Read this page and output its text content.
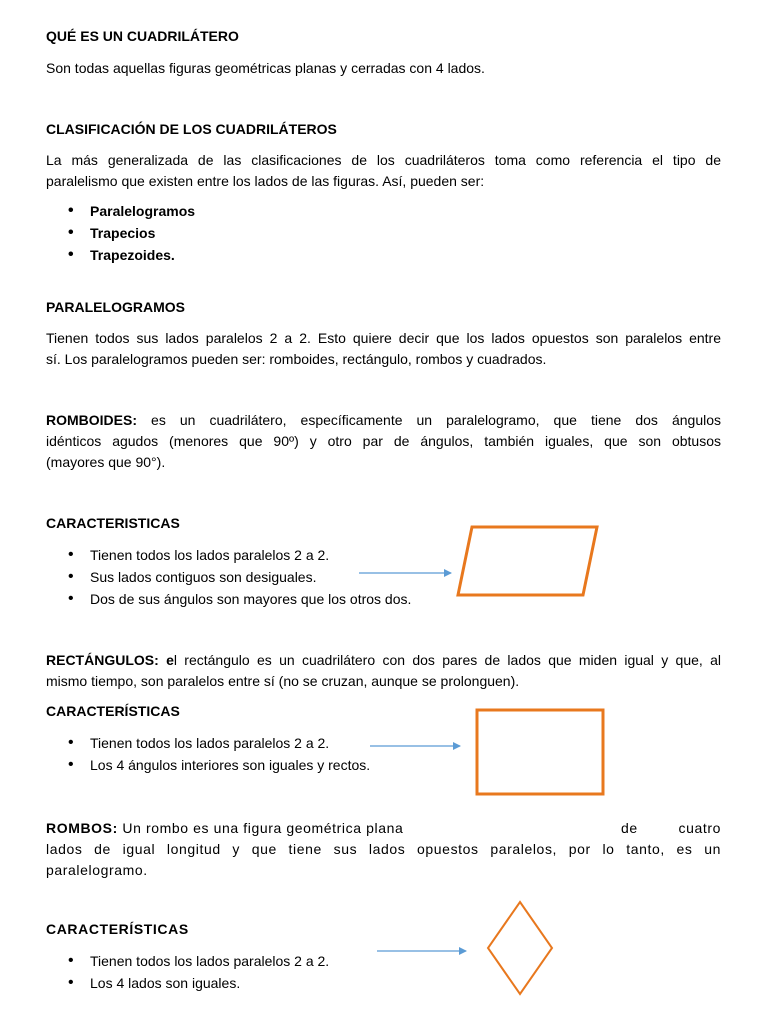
QUÉ ES UN CUADRILÁTERO
Son todas aquellas figuras geométricas planas y cerradas con 4 lados.
CLASIFICACIÓN DE LOS CUADRILÁTEROS
La más generalizada de las clasificaciones de los cuadriláteros toma como referencia el tipo de
paralelismo que existen entre los lados de las figuras. Así, pueden ser:
• Paralelogramos
• Trapecios
• Trapezoides.
PARALELOGRAMOS
Tienen todos sus lados paralelos 2 a 2. Esto quiere decir que los lados opuestos son paralelos entre
sí. Los paralelogramos pueden ser: romboides, rectángulo, rombos y cuadrados.
ROMBOIDES: es un cuadrilátero, específicamente un paralelogramo, que tiene dos ángulos
idénticos agudos (menores que 90º) y otro par de ángulos, también iguales, que son obtusos
(mayores que 90°).
CARACTERISTICAS
• Tienen todos los lados paralelos 2 a 2.
• Sus lados contiguos son desiguales.
• Dos de sus ángulos son mayores que los otros dos.
RECTÁNGULOS: el rectángulo es un cuadrilátero con dos pares de lados que miden igual y que, al
mismo tiempo, son paralelos entre sí (no se cruzan, aunque se prolonguen).
CARACTERÍSTICAS
• Tienen todos los lados paralelos 2 a 2.
• Los 4 ángulos interiores son iguales y rectos.
ROMBOS: Un rombo es una figura geométrica plana	de cuatro
lados de igual longitud y que tiene sus lados opuestos paralelos, por lo tanto, es un
paralelogramo.
CARACTERÍSTICAS
• Tienen todos los lados paralelos 2 a 2.
• Los 4 lados son iguales.
